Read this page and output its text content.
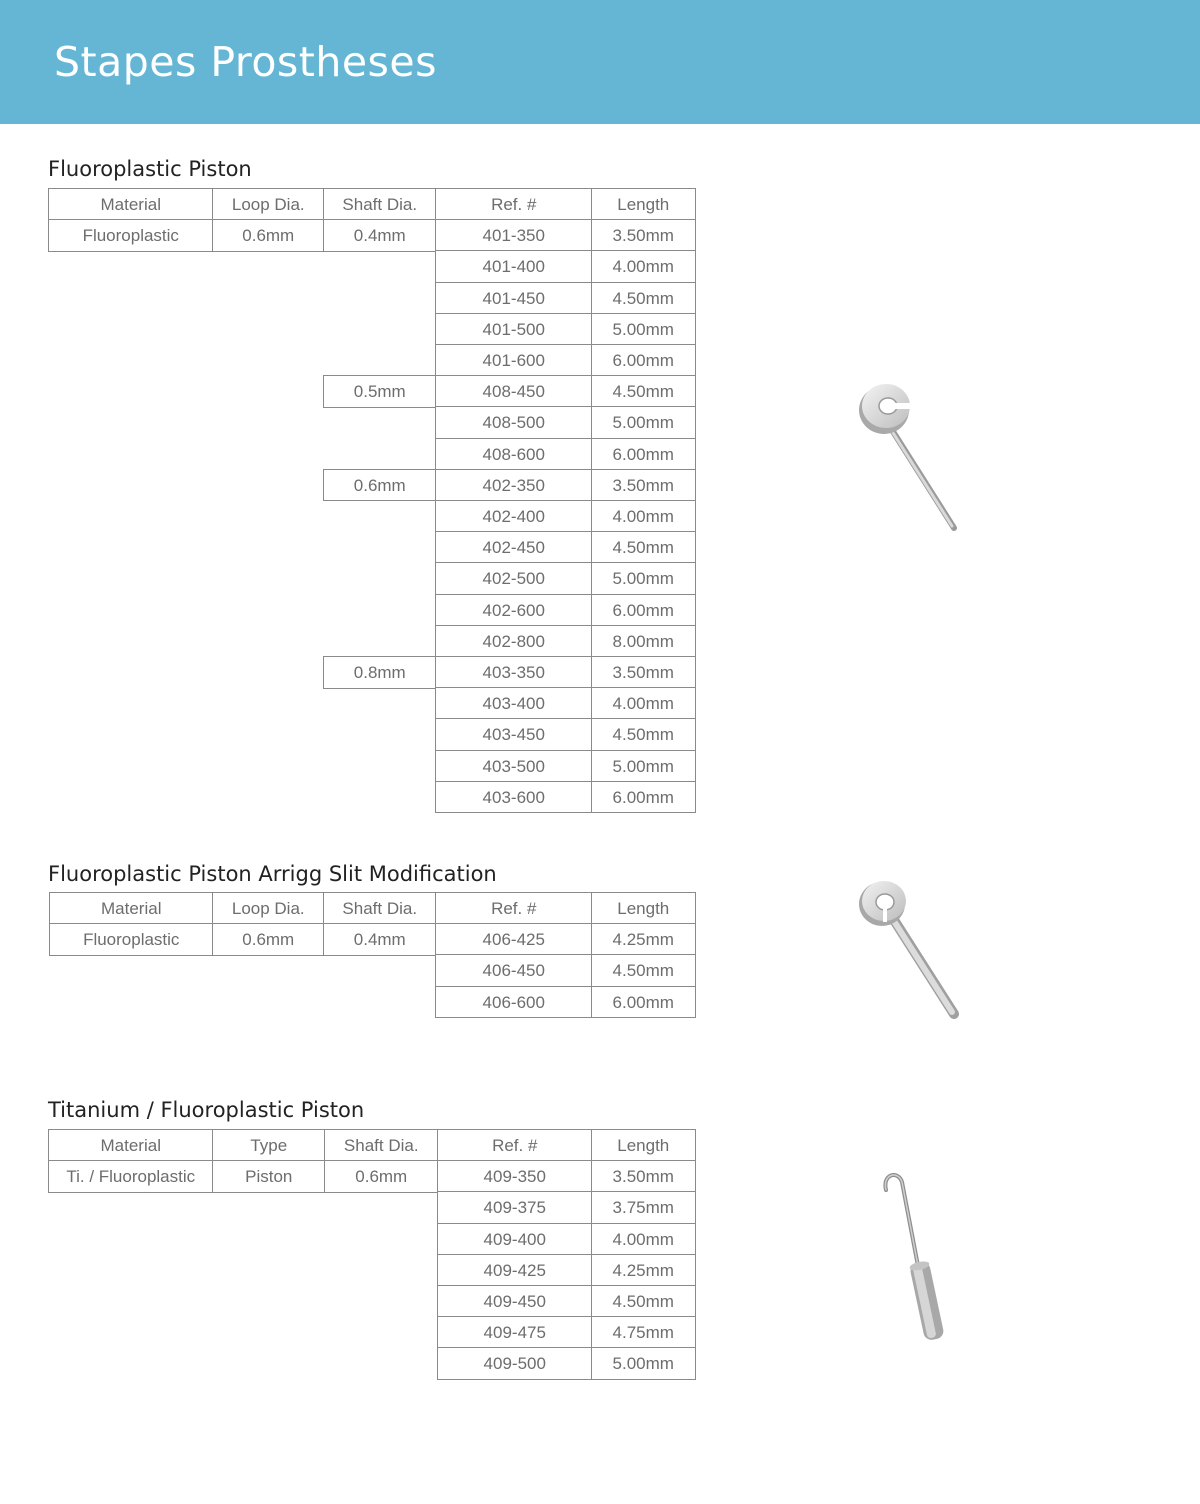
Stapes Prostheses
Fluoroplastic Piston
Material	Loop Dia.	Shaft Dia.	Ref. #	Length
Fluoroplastic	0.6mm	0.4mm	401-350	3.50mm
401-400	4.00mm
401-450	4.50mm
401-500	5.00mm
401-600	6.00mm
0.5mm	408-450	4.50mm
408-500	5.00mm
408-600	6.00mm
0.6mm	402-350	3.50mm
402-400	4.00mm
402-450	4.50mm
402-500	5.00mm
402-600	6.00mm
402-800	8.00mm
0.8mm	403-350	3.50mm
403-400	4.00mm
403-450	4.50mm
403-500	5.00mm
403-600	6.00mm
Fluoroplastic Piston Arrigg Slit Modification
Material	Loop Dia.	Shaft Dia.	Ref. #	Length
Fluoroplastic	0.6mm	0.4mm	406-425	4.25mm
406-450	4.50mm
406-600	6.00mm
Titanium / Fluoroplastic Piston
Material	Type	Shaft Dia.	Ref. #	Length
Ti. / Fluoroplastic	Piston	0.6mm	409-350	3.50mm
409-375	3.75mm
409-400	4.00mm
409-425	4.25mm
409-450	4.50mm
409-475	4.75mm
409-500	5.00mm
